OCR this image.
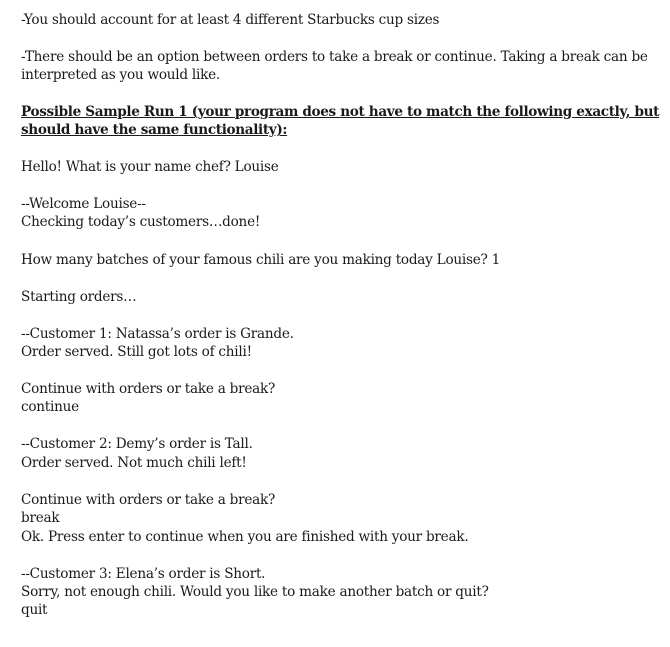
-You should account for at least 4 different Starbucks cup sizes
-There should be an option between orders to take a break or continue. Taking a break can be
interpreted as you would like.
Possible Sample Run 1 (your program does not have to match the following exactly, but
should have the same functionality):
Hello! What is your name chef? Louise
--Welcome Louise--
Checking today’s customers…done!
How many batches of your famous chili are you making today Louise? 1
Starting orders…
--Customer 1: Natassa’s order is Grande.
Order served. Still got lots of chili!
Continue with orders or take a break?
continue
--Customer 2: Demy’s order is Tall.
Order served. Not much chili left!
Continue with orders or take a break?
break
Ok. Press enter to continue when you are finished with your break.
--Customer 3: Elena’s order is Short.
Sorry, not enough chili. Would you like to make another batch or quit?
quit
